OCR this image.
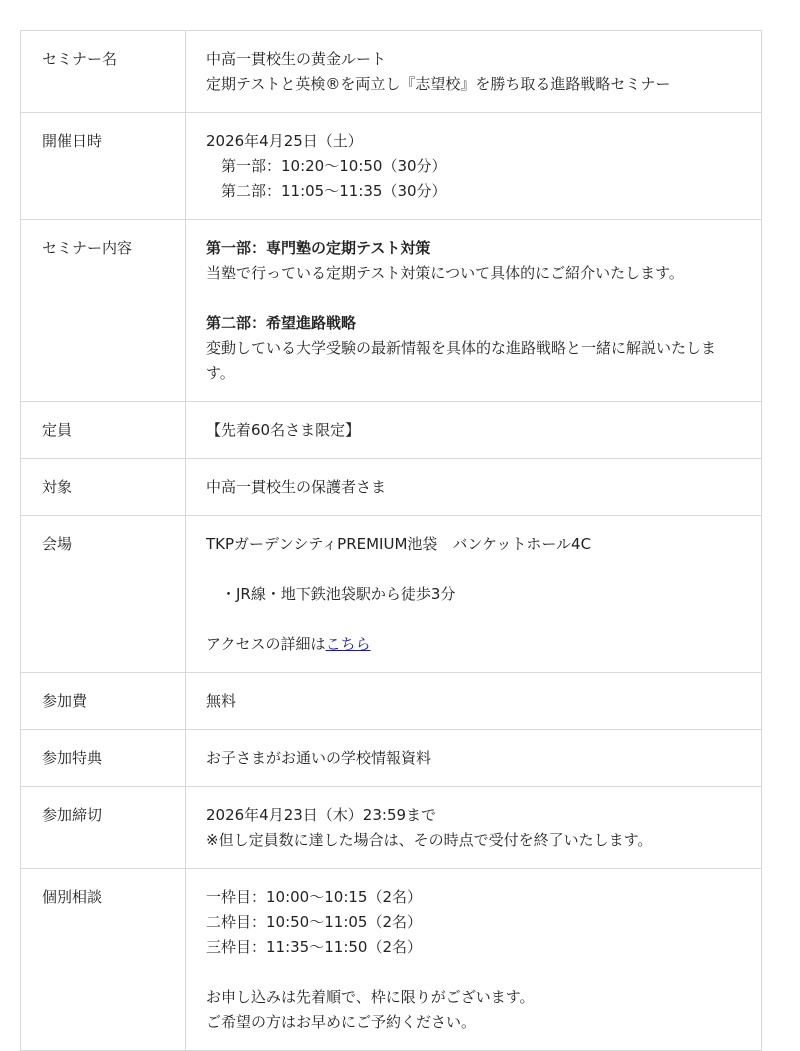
セミナー名	中高一貫校生の黄金ルート
定期テストと英検®を両立し『志望校』を勝ち取る進路戦略セミナー

開催日時	2026年4月25日（土）
　第一部：10:20〜10:50（30分）
　第二部：11:05〜11:35（30分）

セミナー内容	第一部：専門塾の定期テスト対策
当塾で行っている定期テスト対策について具体的にご紹介いたします。
第二部：希望進路戦略
変動している大学受験の最新情報を具体的な進路戦略と一緒に解説いたします。

定員	【先着60名さま限定】
対象	中高一貫校生の保護者さま
会場	TKPガーデンシティPREMIUM池袋　バンケットホール4C
　・JR線・地下鉄池袋駅から徒歩3分
アクセスの詳細はこちら

参加費	無料
参加特典	お子さまがお通いの学校情報資料
参加締切	2026年4月23日（木）23:59まで
※但し定員数に達した場合は、その時点で受付を終了いたします。

個別相談	一枠目：10:00〜10:15（2名）
二枠目：10:50〜11:05（2名）
三枠目：11:35〜11:50（2名）
お申し込みは先着順で、枠に限りがございます。
ご希望の方はお早めにご予約ください。
